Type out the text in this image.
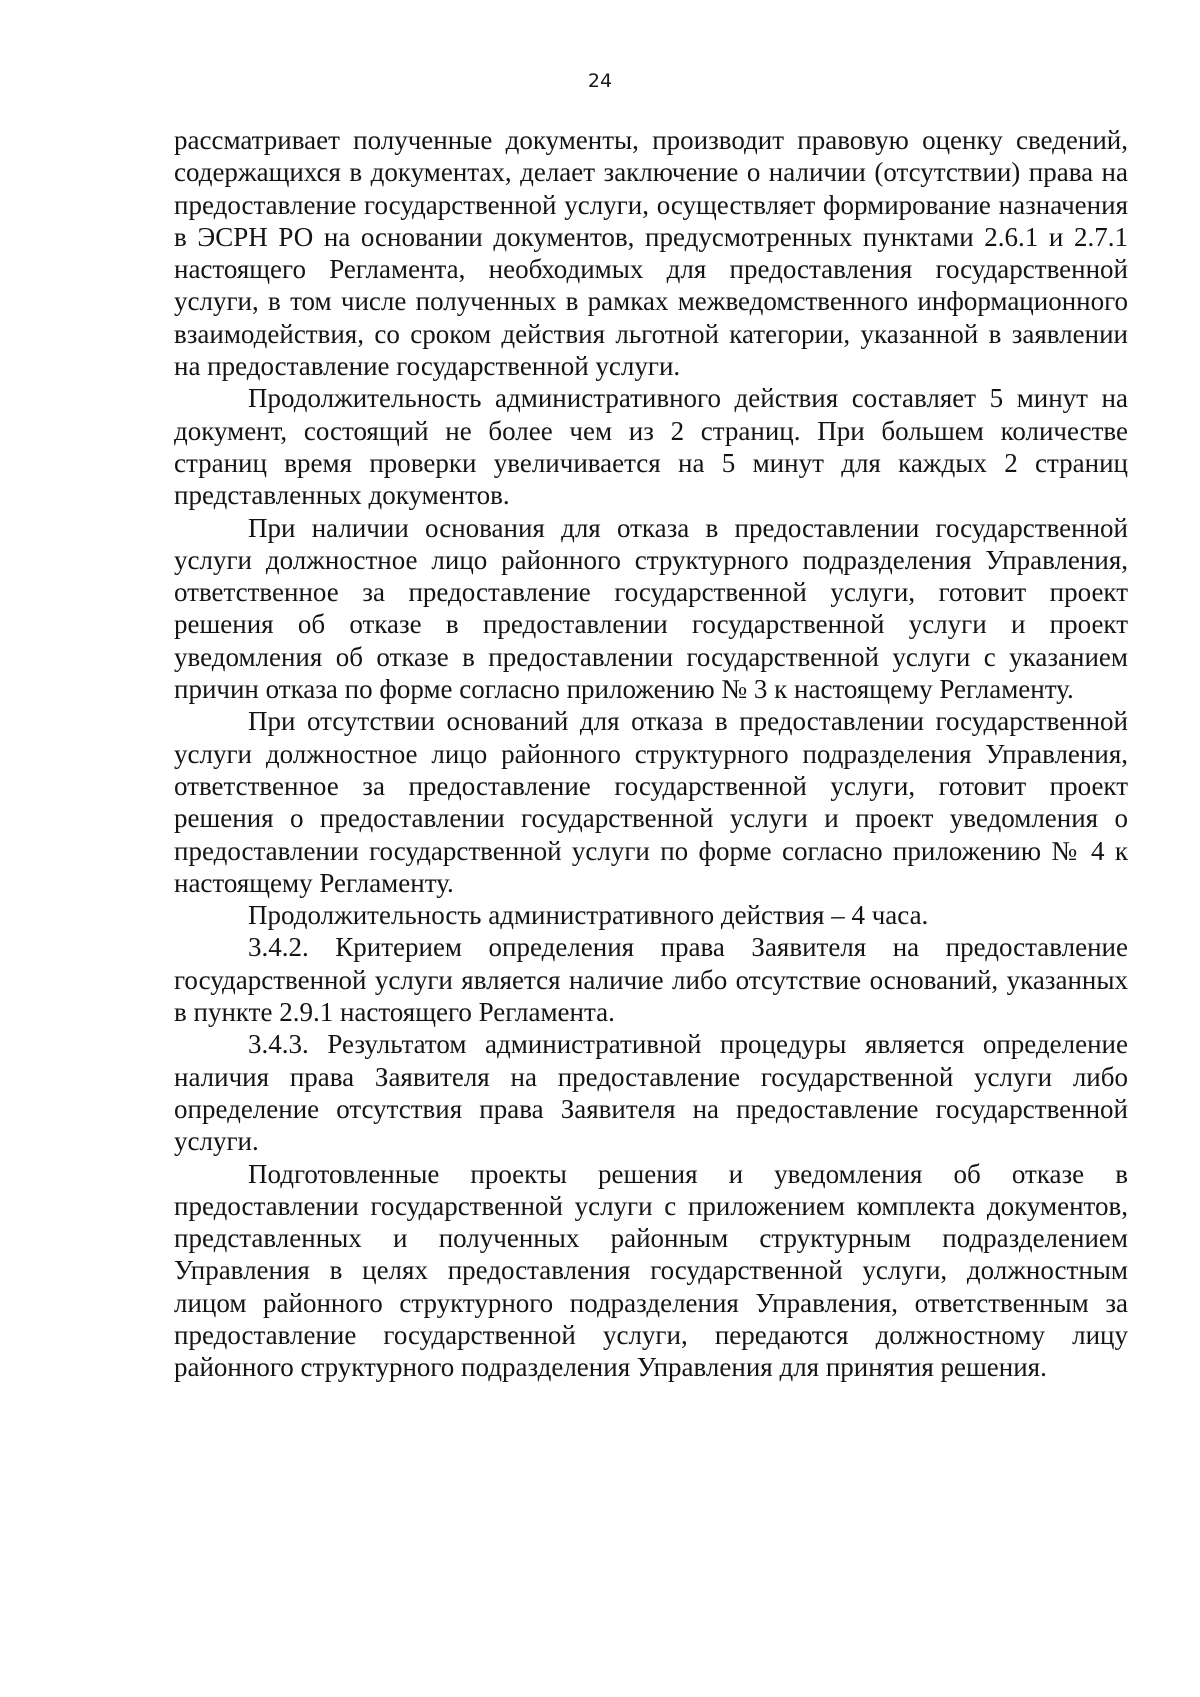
24

рассматривает полученные документы, производит правовую оценку сведений, содержащихся в документах, делает заключение о наличии (отсутствии) права на предоставление государственной услуги, осуществляет формирование назначения в ЭСРН РО на основании документов, предусмотренных пунктами 2.6.1 и 2.7.1 настоящего Регламента, необходимых для предоставления государственной услуги, в том числе полученных в рамках межведомственного информационного взаимодействия, со сроком действия льготной категории, указанной в заявлении на предоставление государственной услуги.

Продолжительность административного действия составляет 5 минут на документ, состоящий не более чем из 2 страниц. При большем количестве страниц время проверки увеличивается на 5 минут для каждых 2 страниц представленных документов.

При наличии основания для отказа в предоставлении государственной услуги должностное лицо районного структурного подразделения Управления, ответственное за предоставление государственной услуги, готовит проект решения об отказе в предоставлении государственной услуги и проект уведомления об отказе в предоставлении государственной услуги с указанием причин отказа по форме согласно приложению № 3 к настоящему Регламенту.

При отсутствии оснований для отказа в предоставлении государственной услуги должностное лицо районного структурного подразделения Управления, ответственное за предоставление государственной услуги, готовит проект решения о предоставлении государственной услуги и проект уведомления о предоставлении государственной услуги по форме согласно приложению № 4 к настоящему Регламенту.

Продолжительность административного действия – 4 часа.

3.4.2. Критерием определения права Заявителя на предоставление государственной услуги является наличие либо отсутствие оснований, указанных в пункте 2.9.1 настоящего Регламента.

3.4.3. Результатом административной процедуры является определение наличия права Заявителя на предоставление государственной услуги либо определение отсутствия права Заявителя на предоставление государственной услуги.

Подготовленные проекты решения и уведомления об отказе в предоставлении государственной услуги с приложением комплекта документов, представленных и полученных районным структурным подразделением Управления в целях предоставления государственной услуги, должностным лицом районного структурного подразделения Управления, ответственным за предоставление государственной услуги, передаются должностному лицу районного структурного подразделения Управления для принятия решения.
